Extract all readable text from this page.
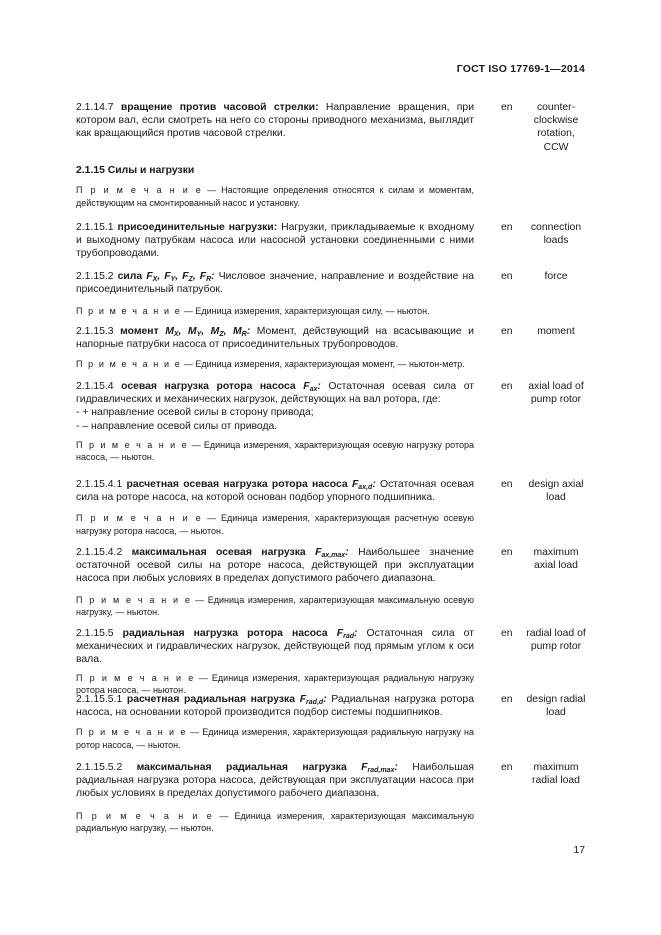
ГОСТ ISO 17769-1—2014
2.1.14.7 вращение против часовой стрелки: Направление вращения, при котором вал, если смотреть на него со стороны приводного механизма, выглядит как вращающийся против часовой стрелки.
en	counter-clockwise rotation, CCW
2.1.15 Силы и нагрузки
П р и м е ч а н и е — Настоящие определения относятся к силам и моментам, действующим на смонтированный насос и установку.
2.1.15.1 присоединительные нагрузки: Нагрузки, прикладываемые к входному и выходному патрубкам насоса или насосной установки соединенными с ними трубопроводами.
en	connection loads
2.1.15.2 сила $F_X$, $F_Y$, $F_Z$, $F_R$: Числовое значение, направление и воздействие на присоединительный патрубок.
en	force
П р и м е ч а н и е — Единица измерения, характеризующая силу, — ньютон.
2.1.15.3 момент $M_X$, $M_Y$, $M_Z$, $M_R$: Момент, действующий на всасывающие и напорные патрубки насоса от присоединительных трубопроводов.
en	moment
П р и м е ч а н и е — Единица измерения, характеризующая момент, — ньютон-метр.
2.1.15.4 осевая нагрузка ротора насоса $F_{ax}$: Остаточная осевая сила от гидравлических и механических нагрузок, действующих на вал ротора, где:
- + направление осевой силы в сторону привода;
- – направление осевой силы от привода.
en	axial load of pump rotor
П р и м е ч а н и е — Единица измерения, характеризующая осевую нагрузку ротора насоса, — ньютон.
2.1.15.4.1 расчетная осевая нагрузка ротора насоса $F_{ax,d}$: Остаточная осевая сила на роторе насоса, на которой основан подбор упорного подшипника.
en	design axial load
П р и м е ч а н и е — Единица измерения, характеризующая расчетную осевую нагрузку ротора насоса, — ньютон.
2.1.15.4.2 максимальная осевая нагрузка $F_{ax,max}$: Наибольшее значение остаточной осевой силы на роторе насоса, действующей при эксплуатации насоса при любых условиях в пределах допустимого рабочего диапазона.
en	maximum axial load
П р и м е ч а н и е — Единица измерения, характеризующая максимальную осевую нагрузку, — ньютон.
2.1.15.5 радиальная нагрузка ротора насоса $F_{rad}$: Остаточная сила от механических и гидравлических нагрузок, действующей под прямым углом к оси вала.
en	radial load of pump rotor
П р и м е ч а н и е — Единица измерения, характеризующая радиальную нагрузку ротора насоса, — ньютон.
2.1.15.5.1 расчетная радиальная нагрузка $F_{rad,d}$: Радиальная нагрузка ротора насоса, на основании которой производится подбор системы подшипников.
en	design radial load
П р и м е ч а н и е — Единица измерения, характеризующая радиальную нагрузку на ротор насоса, — ньютон.
2.1.15.5.2 максимальная радиальная нагрузка $F_{rad,max}$: Наибольшая радиальная нагрузка ротора насоса, действующая при эксплуатации насоса при любых условиях в пределах допустимого рабочего диапазона.
en	maximum radial load
П р и м е ч а н и е — Единица измерения, характеризующая максимальную радиальную нагрузку, — ньютон.
17
